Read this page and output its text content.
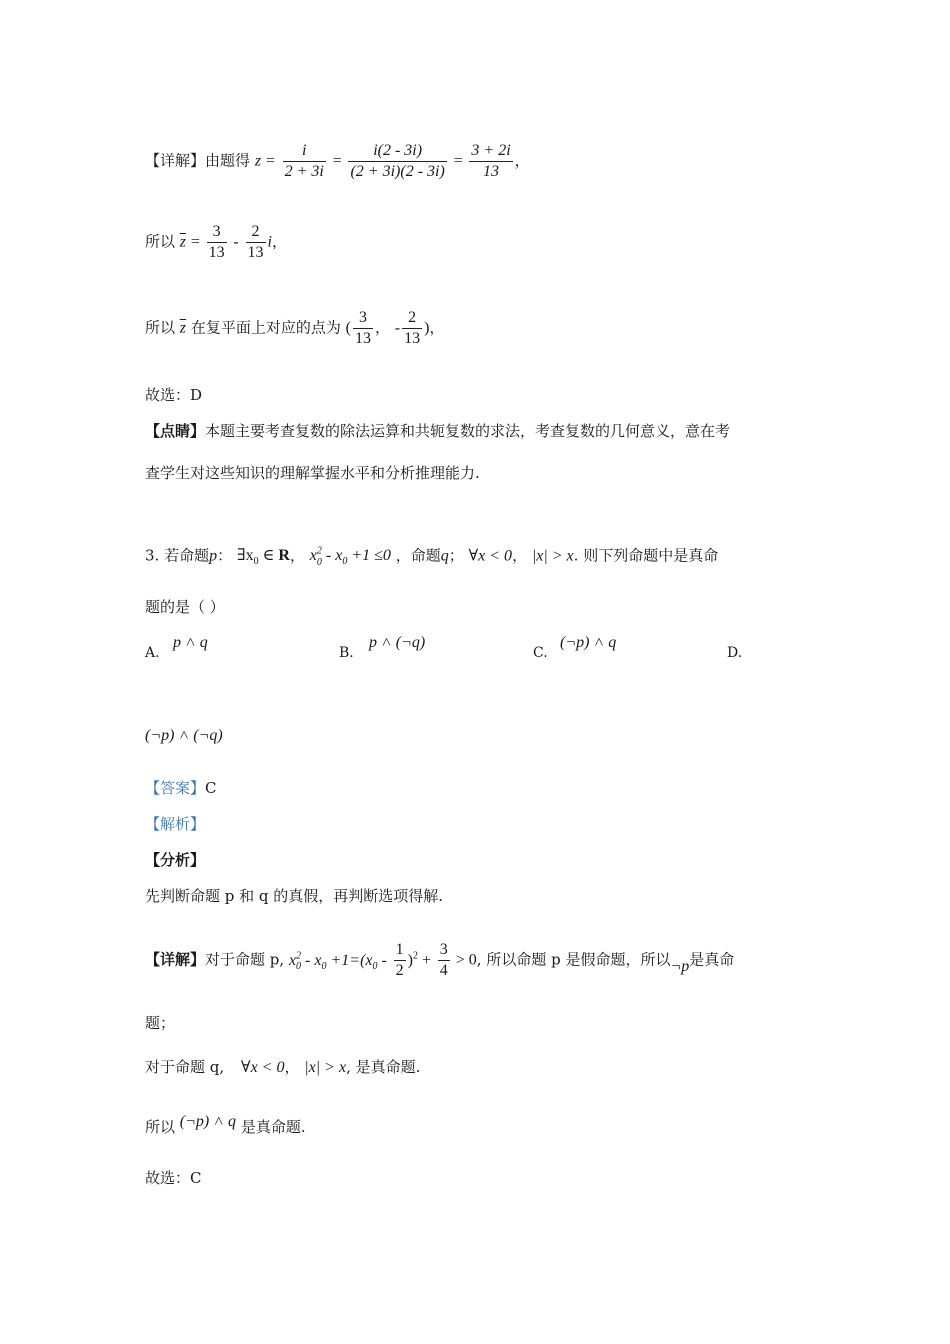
【详解】由题得 $z = \frac{i}{2 + 3i} = \frac{i(2 - 3i)}{(2 + 3i)(2 - 3i)} = \frac{3 + 2i}{13}$ ，
所以 $\overline{z} = \frac{3}{13} - \frac{2}{13}$ i，
所以 $\overline{z}$ 在复平面上对应的点为 ( $\frac{3}{13}$ ， - $\frac{2}{13}$ )，
故选：D
【点睛】本题主要考查复数的除法运算和共轭复数的求法，考查复数的几何意义，意在考
查学生对这些知识的理解掌握水平和分析推理能力.
3. 若命题p： $\exists x_0$ ∈ R， $x^2_0 - x_0 +1 \le 0$ ，命题q； ∀x < 0， |x| > x. 则下列命题中是真命
题的是（ ）
A.
p ˄ q
B.
p ˄ (¬q)
C.
(¬p) ˄ q
D.
(¬p) ˄ (¬q)
【答案】C
【解析】
【分析】
先判断命题 p 和 q 的真假，再判断选项得解.
【详解】对于命题 p, $x^2_0 - x_0 +1=(x_0 - \frac{1}{2} )^2 + \frac{3}{4} > 0$, 所以命题 p 是假命题，所以¬p是真命
题；
对于命题 q, ∀x < 0， |x| > x, 是真命题.
所以 (¬p) ˄ q 是真命题.
故选：C
